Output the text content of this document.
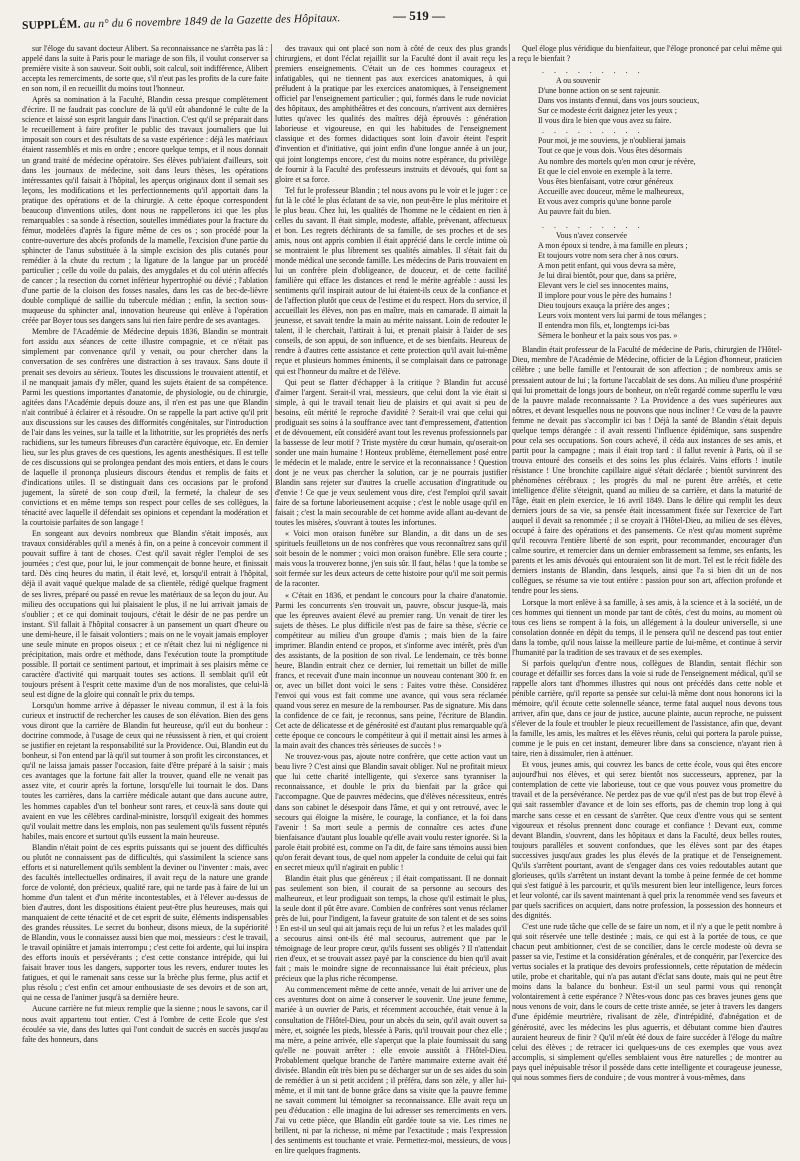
SUPPLÉM. au n° du 6 novembre 1849 de la Gazette des Hôpitaux.	— 519 —

sur l'éloge du savant docteur Alibert. Sa reconnaissance ne s'arrêta pas là : appelé dans la suite à Paris pour le mariage de son fils, il voulut conserver sa première visite à son sauveur. Soit oubli, soit calcul, soit indifférence, Alibert accepta les remerciments, de sorte que, s'il n'eut pas les profits de la cure faite en son nom, il en recueillit du moins tout l'honneur.

Après sa nomination à la Faculté, Blandin cessa presque complètement d'écrire. Il ne faudrait pas conclure de là qu'il eût abandonné le culte de la science et laissé son esprit languir dans l'inaction. C'est qu'il se préparait dans le recueillement à faire profiter le public des travaux journaliers que lui imposait son cours et des résultats de sa vaste expérience : déjà les matériaux étaient rassemblés et mis en ordre ; encore quelque temps, et il nous donnait un grand traité de médecine opératoire. Ses élèves pub'iaient d'ailleurs, soit dans les journaux de médecine, soit dans leurs thèses, les opérations intéressantes qu'il faisait à l'hôpital, les aperçus originaux dont il semait ses leçons, les modifications et les perfectionnements qu'il apportait dans la pratique des opérations et de la chirurgie. A cette époque correspondent beaucoup d'inventions utiles, dont nous ne rappellerons ici que les plus remarquables : sa sonde à résection, soutelles immédiates pour la fracture du fémur, modelées d'après la figure même de ces os ; son procédé pour la contre-ouverture des abcès profonds de la mamelle, l'excision d'une partie du sphincter de l'anus substituée à la simple excision des plis cutanés pour remédier à la chute du rectum ; la ligature de la langue par un procédé particulier ; celle du voile du palais, des amygdales et du col utérin affectés de cancer ; la resection du cornet inférieur hypertrophié ou dévié ; l'ablation d'une partie de la cloison des fosses nasales, dans les cas de bec-de-lièvre double compliqué de saillie du tubercule médian ; enfin, la section sous-muqueuse du sphincter anal, innovation heureuse qui enlève à l'opération créée par Boyer tous ses dangers sans lui rien faire perdre de ses avantages.

Membre de l'Académie de Médecine depuis 1836, Blandin se montrait fort assidu aux séances de cette illustre compagnie, et ce n'était pas simplement par convenance qu'il y venait, ou pour chercher dans la conversation de ses confrères une distraction à ses travaux. Sans doute il prenait ses devoirs au sérieux. Toutes les discussions le trouvaient attentif, et il ne manquait jamais d'y mêler, quand les sujets étaient de sa compétence. Parmi les questions importantes d'anatomie, de physiologie, ou de chirurgie, agitées dans l'Académie depuis douze ans, il n'en est pas une que Blandin n'ait contribué à éclairer et à résoudre. On se rappelle la part active qu'il prit aux discussions sur les causes des difformités congénitales, sur l'introduction de l'air dans les veines, sur la taille et la lithotritie, sur les propriétés des nerfs rachidiens, sur les tumeurs fibreuses d'un caractère équivoque, etc. En dernier lieu, sur les plus graves de ces questions, les agents anesthésiques. Il est telle de ces discussions qui se prolongea pendant des mois entiers, et dans le cours de laquelle il prononça plusieurs discours étendus et remplis de faits et d'indications utiles. Il se distinguait dans ces occasions par le profond jugement, la sûreté de son coup d'œil, la fermeté, la chaleur de ses convictions et en même temps son respect pour celles de ses collègues, la ténacité avec laquelle il défendait ses opinions et cependant la modération et la courtoisie parfaites de son langage !

En songeant aux devoirs nombreux que Blandin s'était imposés, aux travaux considérables qu'il a menés à fin, on a peine à concevoir comment il pouvait suffire à tant de choses. C'est qu'il savait régler l'emploi de ses journées ; c'est que, pour lui, le jour commençait de bonne heure, et finissait tard. Dès cinq heures du matin, il était levé, et, lorsqu'il entrait à l'hôpital, déjà il avait vaqué quelque malade de sa clientèle, rédigé quelque fragment de ses livres, préparé ou passé en revue les matériaux de sa leçon du jour. Au milieu des occupations qui lui plaisaient le plus, il ne lui arrivait jamais de s'oublier ; et ce qui dominait toujours, c'était le désir de ne pas perdre un instant. S'il fallait à l'hôpital consacrer à un pansement un quart d'heure ou une demi-heure, il le faisait volontiers ; mais on ne le voyait jamais employer une seule minute en propos oiseux ; et ce n'était chez lui ni négligence ni précipitation, mais ordre et méthode, dans l'exécution toute la promptitude possible. Il portait ce sentiment partout, et imprimait à ses plaisirs même ce caractère d'activité qui marquait toutes ses actions. Il semblait qu'il eût toujours présent à l'esprit cette maxime d'un de nos moralistes, que celui-là seul est digne de la gloire qui connaît le prix du temps.

Lorsqu'un homme arrive à dépasser le niveau commun, il est à la fois curieux et instructif de rechercher les causes de son élévation. Bien des gens vous diront que la carrière de Blandin fut heureuse, qu'il eut du bonheur : doctrine commode, à l'usage de ceux qui ne réussissent à rien, et qui croient se justifier en rejetant la responsabilité sur la Providence. Oui, Blandin eut du bonheur, si l'on entend par là qu'il sut tourner à son profit les circonstances, et qu'il ne laissa jamais passer l'occasion, faite d'être préparé à la saisir ; mais ces avantages que la fortune fait aller la trouver, quand elle ne venait pas assez vite, et courir après la fortune, lorsqu'elle lui tournait le dos. Dans toutes les carrières, dans la carrière médicale autant que dans aucune autre, les hommes capables d'un tel bonheur sont rares, et ceux-là sans doute qui avaient en vue les célèbres cardinal-ministre, lorsqu'il exigeait des hommes qu'il voulait mettre dans les emplois, non pas seulement qu'ils fussent réputés habiles, mais encore et surtout qu'ils eussent la main heureuse.

Blandin n'était point de ces esprits puissants qui se jouent des difficultés ou plutôt ne connaissent pas de difficultés, qui s'assimilent la science sans efforts et si naturellement qu'ils semblent la deviner ou l'inventer : mais, avec des facultés intellectuelles ordinaires, il avait reçu de la nature une grande force de volonté, don précieux, qualité rare, qui ne tarde pas à faire de lui un homme d'un talent et d'un mérite incontestables, et à l'élever au-dessus de bien d'autres, dont les dispositions étaient peut-être plus heureuses, mais qui manquaient de cette ténacité et de cet esprit de suite, éléments indispensables des grandes réussites. Le secret du bonheur, disons mieux, de la supériorité de Blandin, vous le connaissez aussi bien que moi, messieurs : c'est le travail, le travail opiniâtre et jamais interrompu ; c'est cette foi ardente, qui lui inspira des efforts inouïs et persévérants ; c'est cette constance intrépide, qui lui faisait braver tous les dangers, supporter tous les revers, endurer toutes les fatigues, et qui le ramenait sans cesse sur la brèche plus ferme, plus actif et plus résolu ; c'est enfin cet amour enthousiaste de ses devoirs et de son art, qui ne cessa de l'animer jusqu'à sa dernière heure.

Aucune carrière ne fut mieux remplie que la sienne ; nous le savons, car il nous avait appartenu tout entier. C'est à l'ombre de cette Ecole que s'est écoulée sa vie, dans des luttes qui l'ont conduit de succès en succès jusqu'au faîte des honneurs, dans

des travaux qui ont placé son nom à côté de ceux des plus grands chirurgiens, et dont l'éclat rejaillit sur la Faculté dont il avait reçu les premiers enseignements. C'était un de ces hommes courageux et infatigables, qui ne tiennent pas aux exercices anatomiques, à qui préludent à la pratique par les exercices anatomiques, à l'enseignement officiel par l'enseignement particulier ; qui, formés dans le rude noviciat des hôpitaux, des amphithéâtres et des concours, n'arrivent aux dernières luttes qu'avec les qualités des maîtres déjà éprouvés : génération laborieuse et vigoureuse, en qui les habitudes de l'enseignement classique et des formes didactiques sont loin d'avoir éteint l'esprit d'invention et d'initiative, qui joint enfin d'une longue année à un jour, qui joint longtemps encore, c'est du moins notre espérance, du privilège de fournir à la Faculté des professeurs instruits et dévoués, qui font sa gloire et sa force.

Tel fut le professeur Blandin ; tel nous avons pu le voir et le juger : ce fut là le côté le plus éclatant de sa vie, non peut-être le plus méritoire et le plus beau. Chez lui, les qualités de l'homme ne le cédaient en rien à celles du savant. Il était simple, modeste, affable, prévenant, affectueux et bon. Les regrets déchirants de sa famille, de ses proches et de ses amis, nous ont appris combien il était apprécié dans le cercle intime où se montraient le plus librement ses qualités aimables. Il s'était fait du monde médical une seconde famille. Les médecins de Paris trouvaient en lui un confrère plein d'obligeance, de douceur, et de cette facilité familière qui efface les distances et rend le mérite agréable : aussi les sentiments qu'il inspirait autour de lui étaient-ils ceux de la confiance et de l'affection plutôt que ceux de l'estime et du respect. Hors du service, il accueillait les élèves, non pas en maître, mais en camarade. Il aimait la jeunesse, et savait tendre la main au mérite naissant. Loin de redouter le talent, il le cherchait, l'attirait à lui, et prenait plaisir à l'aider de ses conseils, de son appui, de son influence, et de ses bienfaits. Heureux de rendre à d'autres cette assistance et cette protection qu'il avait lui-même reçue et plusieurs hommes éminents, il se complaisait dans ce patronage qui est l'honneur du maître et de l'élève.

Qui peut se flatter d'échapper à la critique ? Blandin fut accusé d'aimer l'argent. Serait-il vrai, messieurs, que celui dont la vie était si simple, à qui le travail tenait lieu de plaisirs et qui avait si peu de besoins, eût mérité le reproche d'avidité ? Serait-il vrai que celui qui prodiguait ses soins à la souffrance avec tant d'empressement, d'attention et de dévouement, eût considéré avant tout les revenus professionnels par la bassesse de leur motif ? Triste mystère du cœur humain, qu'oserait-on sonder une main humaine ! Honteux problème, éternellement posé entre le médecin et le malade, entre le service et la reconnaissance ! Question dont je ne veux pas chercher la solution, car je ne pourrais justifier Blandin sans rejeter sur d'autres la cruelle accusation d'ingratitude ou d'envie ! Ce que je veux seulement vous dire, c'est l'emploi qu'il savait faire de sa fortune laborieusement acquise ; c'est le noble usage qu'il en faisait ; c'est la main secourable de cet homme avide allant au-devant de toutes les misères, s'ouvrant à toutes les infortunes.

« Voici mon oraison funèbre sur Blandin, a dit dans un de ses spirituels feuilletons un de nos confrères que vous reconnaîtrez sans qu'il soit besoin de le nommer ; voici mon oraison funèbre. Elle sera courte ; mais vous la trouverez bonne, j'en suis sûr. Il faut, hélas ! que la tombe se soit fermée sur les deux acteurs de cette histoire pour qu'il me soit permis de la raconter.

« C'était en 1836, et pendant le concours pour la chaire d'anatomie. Parmi les concurrents s'en trouvait un, pauvre, obscur jusque-là, mais que les épreuves avaient élevé au premier rang. Un venait de tirer les sujets de thèses. Le plus difficile n'est pas de faire sa thèse, s'écrie ce compétiteur au milieu d'un groupe d'amis ; mais bien de la faire imprimer. Blandin entend ce propos, et s'informe avec intérêt, près d'un des assistants, de la position de son rival. Le lendemain, ce très bonne heure, Blandin entrait chez ce dernier, lui remettait un billet de mille francs, et recevait d'une main inconnue un nouveau contenant 300 fr. en or, avec un billet dont voici le sens : Faites votre thèse. Considérez l'envoi qui vous est fait comme une avance, qui vous sera réclamée quand vous serez en mesure de la rembourser. Pas de signature. Mis dans la confidence de ce fait, je reconnus, sans peine, l'écriture de Blandin. Cet acte de délicatesse et de générosité est d'autant plus remarquable qu'à cette époque ce concours le compétiteur à qui il mettait ainsi les armes à la main avait des chances très sérieuses de succès ! »

Ne trouvez-vous pas, ajoute notre confrère, que cette action vaut un beau livre ? C'est ainsi que Blandin savait obliger. Nul ne profitait mieux que lui cette charité intelligente, qui s'exerce sans tyranniser la reconnaissance, et double le prix du bienfait par la grâce qui l'accompagne. Que de pauvres médecins, que d'élèves nécessiteux, entrés dans son cabinet le désespoir dans l'âme, et qui y ont retrouvé, avec le secours qui éloigne la misère, le courage, la confiance, et la foi dans l'avenir ! Sa mort seule a permis de connaître ces actes d'une bienfaisance d'autant plus louable qu'elle avait voulu rester ignorée. Si la parole était probité est, comme on l'a dit, de faire sans témoins aussi bien qu'on ferait devant tous, de quel nom appeler la conduite de celui qui fait en secret mieux qu'il n'agirait en public !

Blandin était plus que généreux ; il était compatissant. Il ne donnait pas seulement son bien, il courait de sa personne au secours des malheureux, et leur prodiguait son temps, la chose qu'il estimait le plus, la seule dont il pût être avare. Combien de confrères sont venus réclamer près de lui, pour l'indigent, la faveur gratuite de son talent et de ses soins ! En est-il un seul qui ait jamais reçu de lui un refus ? et les malades qu'il a secourus ainsi ont-ils été mal secourus, autrement que par le témoignage de leur propre cœur, qu'ils fussent ses obligés ? Il n'attendait rien d'eux, et se trouvait assez payé par la conscience du bien qu'il avait fait ; mais le moindre signe de reconnaissance lui était précieux, plus précieux que la plus riche récompense.

Au commencement même de cette année, venait de lui arriver une de ces aventures dont on aime à conserver le souvenir. Une jeune femme, mariée à un ouvrier de Paris, et récemment accouchée, était venue à la consultation de l'Hôtel-Dieu, pour un abcès du sein, qu'il avait ouvert sa mère, et, soignée les pieds, blessée à Paris, qu'il trouvait pour chez elle ; ma mère, a peine arrivée, elle s'aperçut que la plaie fournissait du sang qu'elle ne pouvait arrêter : elle envoie aussitôt à l'Hôtel-Dieu. Probablement quelque branche de l'artère mammaire externe avait été divisée. Blandin eût très bien pu se décharger sur un de ses aides du soin de remédier à un si petit accident ; il préféra, dans son zèle, y aller lui-même, et il mit tant de bonne grâce dans sa visite que la pauvre femme ne savait comment lui témoigner sa reconnaissance. Elle avait reçu un peu d'éducation : elle imagina de lui adresser ses remerciments en vers. J'ai vu cette pièce, que Blandin eût gardée toute sa vie. Les rimes ne brillent, ni par la richesse, ni même par l'exactitude ; mais l'expression des sentiments est touchante et vraie. Permettez-moi, messieurs, de vous en lire quelques fragments.

Quel éloge plus véridique du bienfaiteur, que l'éloge prononcé par celui même qui a reçu le bienfait ?

. . . . . . . . .
A ou souvenir
D'une bonne action on se sent rajeunir.
Dans vos instants d'ennui, dans vos jours soucieux,
Sur ce modeste écrit daignez jeter les yeux ;
Il vous dira le bien que vous avez su faire.
. . . . . . . . .
Pour moi, je me souviens, je n'oublierai jamais
Tout ce que je vous dois. Vous êtes désormais
Au nombre des mortels qu'en mon cœur je révère,
Et que le ciel envoie en exemple à la terre.
Vous êtes bienfaisant, votre cœur généreux
Accueille avec douceur, même le malheureux,
Et vous avez compris qu'une bonne parole
Au pauvre fait du bien.
. . . . . . . . .
Vous n'avez conservée
A mon époux si tendre, à ma famille en pleurs ;
Et toujours votre nom sera cher à nos cœurs.
A mon petit enfant, qui vous devra sa mère,
Je lui dirai bientôt, pour que, dans sa prière,
Elevant vers le ciel ses innocentes mains,
Il implore pour vous le père des humains !
Dieu toujours exauça la prière des anges ;
Leurs voix montent vers lui parmi de tous mélanges ;
Il entendra mon fils, et, longtemps ici-bas
Sèmera le bonheur et la paix sous vos pas. »

Blandin était professeur de la Faculté de médecine de Paris, chirurgien de l'Hôtel-Dieu, membre de l'Académie de Médecine, officier de la Légion d'honneur, praticien célèbre ; une belle famille et l'entourait de son affection ; de nombreux amis se pressaient autour de lui ; la fortune l'accablait de ses dons. Au milieu d'une prospérité qui lui promettait de longs jours de bonheur, on n'eût regardé comme superflu le vœu de la pauvre malade reconnaissante ? La Providence a des vues supérieures aux nôtres, et devant lesquelles nous ne pouvons que nous incliner ! Ce vœu de la pauvre femme ne devait pas s'accomplir ici bas ! Déjà la santé de Blandin s'était depuis quelque temps dérangée : il avait ressenti l'influence épidémique, sans suspendre pour cela ses occupations. Son cours achevé, il céda aux instances de ses amis, et partit pour la campagne ; mais il était trop tard : il fallut revenir à Paris, où il se trouva entouré des conseils et des soins les plus éclairés. Vains efforts ! inutile résistance ! Une bronchite capillaire aiguë s'était déclarée ; bientôt survinrent des phénomènes cérébraux ; les progrès du mal ne purent être arrêtés, et cette intelligence d'élite s'éteignit, quand au milieu de sa carrière, et dans la maturité de l'âge, était en plein exercice, le 16 avril 1849. Dans le délire qui remplit les deux derniers jours de sa vie, sa pensée était incessamment fixée sur l'exercice de l'art auquel il devait sa renommée ; il se croyait à l'Hôtel-Dieu, au milieu de ses élèves, occupé à faire des opérations et des pansements. Ce n'est qu'au moment suprême qu'il recouvra l'entière liberté de son esprit, pour recommander, encourager d'un calme sourire, et remercier dans un dernier embrassement sa femme, ses enfants, les parents et les amis dévoués qui entouraient son lit de mort. Tel est le récit fidèle des derniers instants de Blandin, dans lesquels, ainsi que l'a si bien dit un de nos collègues, se résume sa vie tout entière : passion pour son art, affection profonde et tendre pour les siens.

Lorsque la mort enlève à sa famille, à ses amis, à la science et à la société, un de ces hommes qui tiennent un monde par tant de côtés, c'est du moins, au moment où tous ces liens se rompent à la fois, un allégement à la douleur universelle, si une consolation donnée en dépit du temps, il le pensera qu'il ne descend pas tout entier dans la tombe, qu'il nous laisse la meilleure partie de lui-même, et continue à servir l'humanité par la tradition de ses travaux et de ses exemples.

Si parfois quelqu'un d'entre nous, collègues de Blandin, sentait fléchir son courage et défaillir ses forces dans la voie si rude de l'enseignement médical, qu'il se rappelle alors tant d'hommes illustres qui nous ont précédés dans cette noble et pénible carrière, qu'il reporte sa pensée sur celui-là même dont nous honorons ici la mémoire, qu'il écoute cette solennelle séance, terme fatal auquel nous devons tous arriver, afin que, dans ce jour de justice, aucune plainte, aucun reproche, ne puissent s'élever de la foule et troubler le pieux recueillement de l'assistance, afin que, devant la famille, les amis, les maîtres et les élèves réunis, celui qui portera la parole puisse, comme je le puis en cet instant, demeurer libre dans sa conscience, n'ayant rien à taire, rien à dissimuler, rien à atténuer.

Et vous, jeunes amis, qui couvrez les bancs de cette école, vous qui êtes encore aujourd'hui nos élèves, et qui serez bientôt nos successeurs, apprenez, par la contemplation de cette vie laborieuse, tout ce que vous pouvez vous promettre du travail et de la persévérance. Ne perdez pas de vue qu'il n'est pas de but trop élevé à qui sait rassembler d'avance et de loin ses efforts, pas de chemin trop long à qui marche sans cesse et en cessant de s'arrêter. Que ceux d'entre vous qui se sentent vigoureux et résolus prennent donc courage et confiance ! Devant eux, comme devant Blandin, s'ouvrent, dans les hôpitaux et dans la Faculté, deux belles routes, toujours parallèles et souvent confondues, que les élèves sont par des étapes successives jusqu'aux grades les plus élevés de la pratique et de l'enseignement. Qu'ils s'arrêtent pourtant, avant de s'engager dans ces voies redoutables autant que glorieuses, qu'ils s'arrêtent un instant devant la tombe à peine fermée de cet homme qui s'est fatigué à les parcourir, et qu'ils mesurent bien leur intelligence, leurs forces et leur volonté, car ils savent maintenant à quel prix la renommée vend ses faveurs et par quels sacrifices on acquiert, dans notre profession, la possession des honneurs et des dignités.

C'est une rude tâche que celle de se faire un nom, et il n'y a que le petit nombre à qui soit réservée une telle destinée ; mais, ce qui est à la portée de tous, ce que chacun peut ambitionner, c'est de se concilier, dans le cercle modeste où devra se passer sa vie, l'estime et la considération générales, et de conquérir, par l'exercice des vertus sociales et la pratique des devoirs professionnels, cette réputation de médecin utile, probe et charitable, qui n'a pas autant d'éclat sans doute, mais qui ne peut être moins dans la balance du bonheur. Est-il un seul parmi vous qui renonçât volontairement à cette espérance ? N'êtes-vous donc pas ces braves jeunes gens que nous venons de voir, dans le cours de cette triste année, se jeter à travers les dangers d'une épidémie meurtrière, rivalisant de zèle, d'intrépidité, d'abnégation et de générosité, avec les médecins les plus aguerris, et débutant comme bien d'autres auraient heureux de finir ? Qu'il m'eût été doux de faire succéder à l'éloge du maître celui des élèves ; de retracer ici quelques-uns de ces exemples que vous avez accomplis, si simplement qu'elles semblaient vous être naturelles ; de montrer au pays quel inépuisable trésor il possède dans cette intelligente et courageuse jeunesse, qui nous sommes fiers de conduire ; de vous montrer à vous-mêmes, dans
